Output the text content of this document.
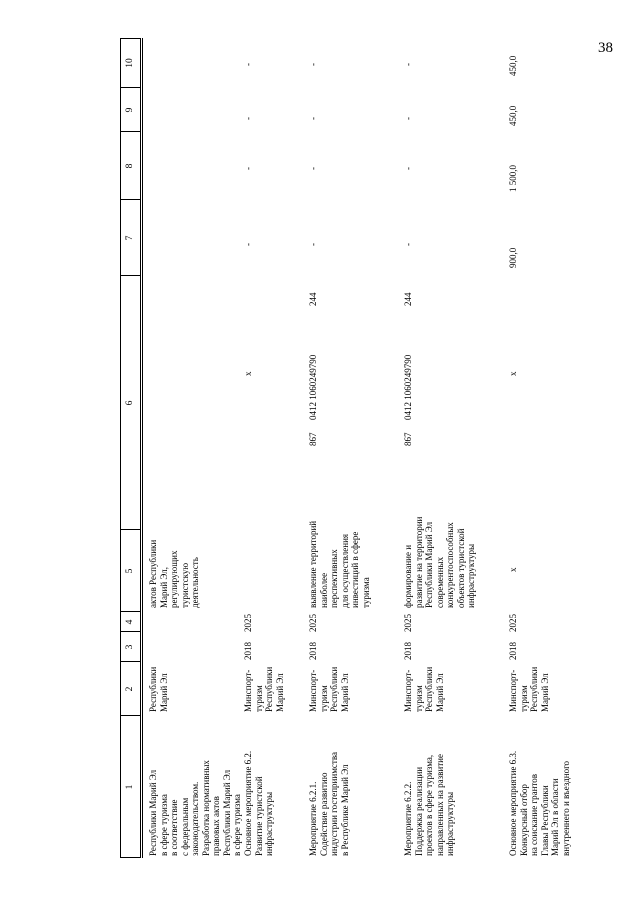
38
1
2
3
4
5
6
7
8
9
10
Республики Марий Эл
в сфере туризма
в соответствие
с федеральным
законодательством.
Разработка нормативных
правовых актов
Республики Марий Эл
в сфере туризма
Республики
Марий Эл
актов Республики
Марий Эл,
регулирующих
туристскую
деятельность
Основное мероприятие 6.2.
Развитие туристской
инфраструктуры
Минспорт-
туризм
Республики
Марий Эл
2018
2025
х
-
-
-
-
Мероприятие 6.2.1.
Содействие развитию
индустрии гостеприимства
в Республике Марий Эл
Минспорт-
туризм
Республики
Марий Эл
2018
2025
выявление территорий
наиболее
перспективных
для осуществления
инвестиций в сфере
туризма
867
0412 1060249790
244
-
-
-
-
Мероприятие 6.2.2.
Поддержка реализации
проектов в сфере туризма,
направленных на развитие
инфраструктуры
Минспорт-
туризм
Республики
Марий Эл
2018
2025
формирование и
развитие на территории
Республики Марий Эл
современных
конкурентоспособных
объектов туристской
инфраструктуры
867
0412 1060249790
244
-
-
-
-
Основное мероприятие 6.3.
Конкурсный отбор
на соискание грантов
Главы Республики
Марий Эл в области
внутреннего и въездного
Минспорт-
туризм
Республики
Марий Эл
2018
2025
х
х
900,0
1 500,0
450,0
450,0
